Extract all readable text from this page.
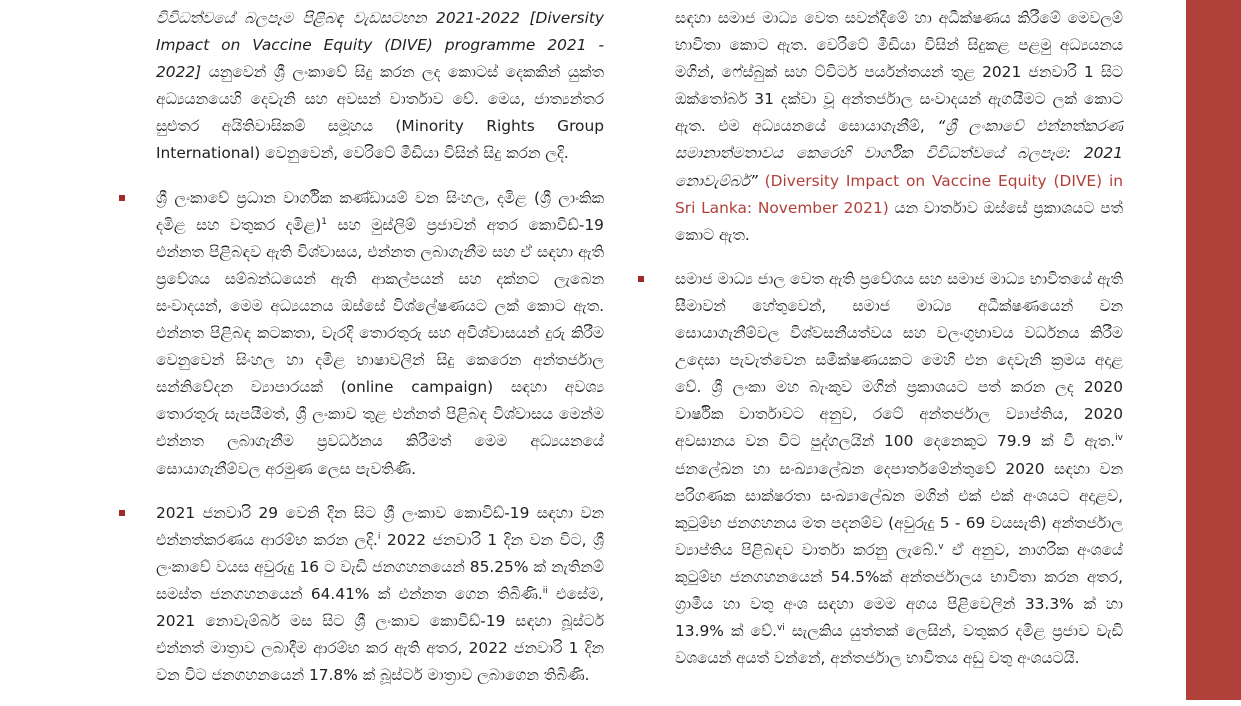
විවිධත්වයේ බලපෑම පිළිබඳ වැඩසටහන 2021-2022 [Diversity Impact on Vaccine Equity (DIVE) programme 2021 - 2022] යනුවෙන් ශ්‍රී ලංකාවේ සිදු කරන ලද කොටස් දෙකකින් යුක්ත අධ්‍යයනයෙහි දෙවැනි සහ අවසන් වාර්තාව වේ. මෙය, ජාත්‍යන්තර සුළුතර අයිතිවාසිකම් සමූහය (Minority Rights Group International) වෙනුවෙන්, වෙරිටේ මීඩියා විසින් සිදු කරන ලදි.

ශ්‍රී ලංකාවේ ප්‍රධාන වාර්ගික කණ්ඩායම් වන සිංහල, දමිළ (ශ්‍රී ලාංකික දමිළ සහ වතුකර දමිළ)$^1$ සහ මුස්ලිම් ප්‍රජාවන් අතර කොවිඩ්-19 එන්නත පිළිබඳව ඇති විශ්වාසය, එන්නත ලබාගැනීම සහ ඒ සඳහා ඇති ප්‍රවේශය සම්බන්ධයෙන් ඇති ආකල්පයන් සහ දක්නට ලැබෙන සංවාදයන්, මෙම අධ්‍යයනය ඔස්සේ විශ්ලේෂණයට ලක් කොට ඇත. එන්නත පිළිබඳ කටකතා, වැරදි තොරතුරු සහ අවිශ්වාසයන් දුරු කිරීම වෙනුවෙන් සිංහල හා දමිළ භාෂාවලින් සිදු කෙරෙන අන්තර්ජාල සන්නිවේදන ව්‍යාපාරයක් (online campaign) සඳහා අවශ්‍ය තොරතුරු සැපයීමත්, ශ්‍රී ලංකාව තුළ එන්නත් පිළිබඳ විශ්වාසය මෙන්ම එන්නත ලබාගැනීම ප්‍රවර්ධනය කිරීමත් මෙම අධ්‍යයනයේ සොයාගැනීම්වල අරමුණ ලෙස පැවතිණි.

2021 ජනවාරි 29 වෙනි දින සිට ශ්‍රී ලංකාව කොවිඩ්-19 සඳහා වන එන්නත්කරණය ආරම්භ කරන ලදි.$^i$ 2022 ජනවාරි 1 දින වන විට, ශ්‍රී ලංකාවේ වයස අවුරුදු 16 ට වැඩි ජනගහනයෙන් 85.25% ක් නැතිනම් සමස්ත ජනගහනයෙන් 64.41% ක් එන්නත ගෙන තිබිණි.$^{ii}$ එසේම, 2021 නොවැම්බර් මස සිට ශ්‍රී ලංකාව කොවිඩ්-19 සඳහා බූස්ටර් එන්නත් මාත්‍රාව ලබාදීම ආරම්භ කර ඇති අතර, 2022 ජනවාරි 1 දින වන විට ජනගහනයෙන් 17.8% ක් බූස්ටර් මාත්‍රාව ලබාගෙන තිබිණි.

සඳහා සමාජ මාධ්‍ය වෙත සවන්දීමේ හා අධීක්ෂණය කිරීමේ මෙවලම් භාවිතා කොට ඇත. වෙරිටේ මීඩියා විසින් සිදුකළ පළමු අධ්‍යයනය මගින්, ෆේස්බුක් සහ ට්විටර් පර්යන්තයන් තුළ 2021 ජනවාරි 1 සිට ඔක්තෝබර් 31 දක්වා වූ අන්තර්ජාල සංවාදයන් ඇගයීමට ලක් කොට ඇත. එම අධ්‍යයනයේ සොයාගැනීම්, “ශ්‍රී ලංකාවේ එන්නත්කරණ සමානාත්මතාවය කෙරෙහි වාර්ගික විවිධත්වයේ බලපෑම: 2021 නොවැම්බර්” (Diversity Impact on Vaccine Equity (DIVE) in Sri Lanka: November 2021) යන වාර්තාව ඔස්සේ ප්‍රකාශයට පත් කොට ඇත.

සමාජ මාධ්‍ය ජාල වෙත ඇති ප්‍රවේශය සහ සමාජ මාධ්‍ය භාවිතයේ ඇති සීමාවන් හේතුවෙන්, සමාජ මාධ්‍ය අධීක්ෂණයෙන් වන සොයාගැනීම්වල විශ්වසනීයත්වය සහ වලංගුභාවය වර්ධනය කිරීම උදෙසා පැවැත්වෙන සමීක්ෂණයකට මෙහි එන දෙවැනි ක්‍රමය අදාළ වේ. ශ්‍රී ලංකා මහ බැංකුව මගින් ප්‍රකාශයට පත් කරන ලද 2020 වාර්ෂික වාර්තාවට අනුව, රටේ අන්තර්ජාල ව්‍යාප්තිය, 2020 අවසානය වන විට පුද්ගලයින් 100 දෙනෙකුට 79.9 ක් වී ඇත.$^{iv}$ ජනලේඛන හා සංඛ්‍යාලේඛන දෙපාර්තමේන්තුවේ 2020 සඳහා වන පරිගණක සාක්ෂරතා සංඛ්‍යාලේඛන මගින් එක් එක් අංශයට අදාළව, කුටුම්භ ජනගහනය මත පදනම්ව (අවුරුදු 5 - 69 වයසැති) අන්තර්ජාල ව්‍යාප්තිය පිළිබඳව වාර්තා කරනු ලැබේ.$^v$ ඒ අනුව, නාගරික අංශයේ කුටුම්භ ජනගහනයෙන් 54.5%ක් අන්තර්ජාලය භාවිතා කරන අතර, ග්‍රාමීය හා වතු අංශ සඳහා මෙම අගය පිළිවෙලින් 33.3% ක් හා 13.9% ක් වේ.$^{vi}$ සැලකිය යුත්තක් ලෙසින්, වතුකර දමිළ ප්‍රජාව වැඩි වශයෙන් අයත් වන්නේ, අන්තර්ජාල භාවිතය අඩු වතු අංශයටයි.
